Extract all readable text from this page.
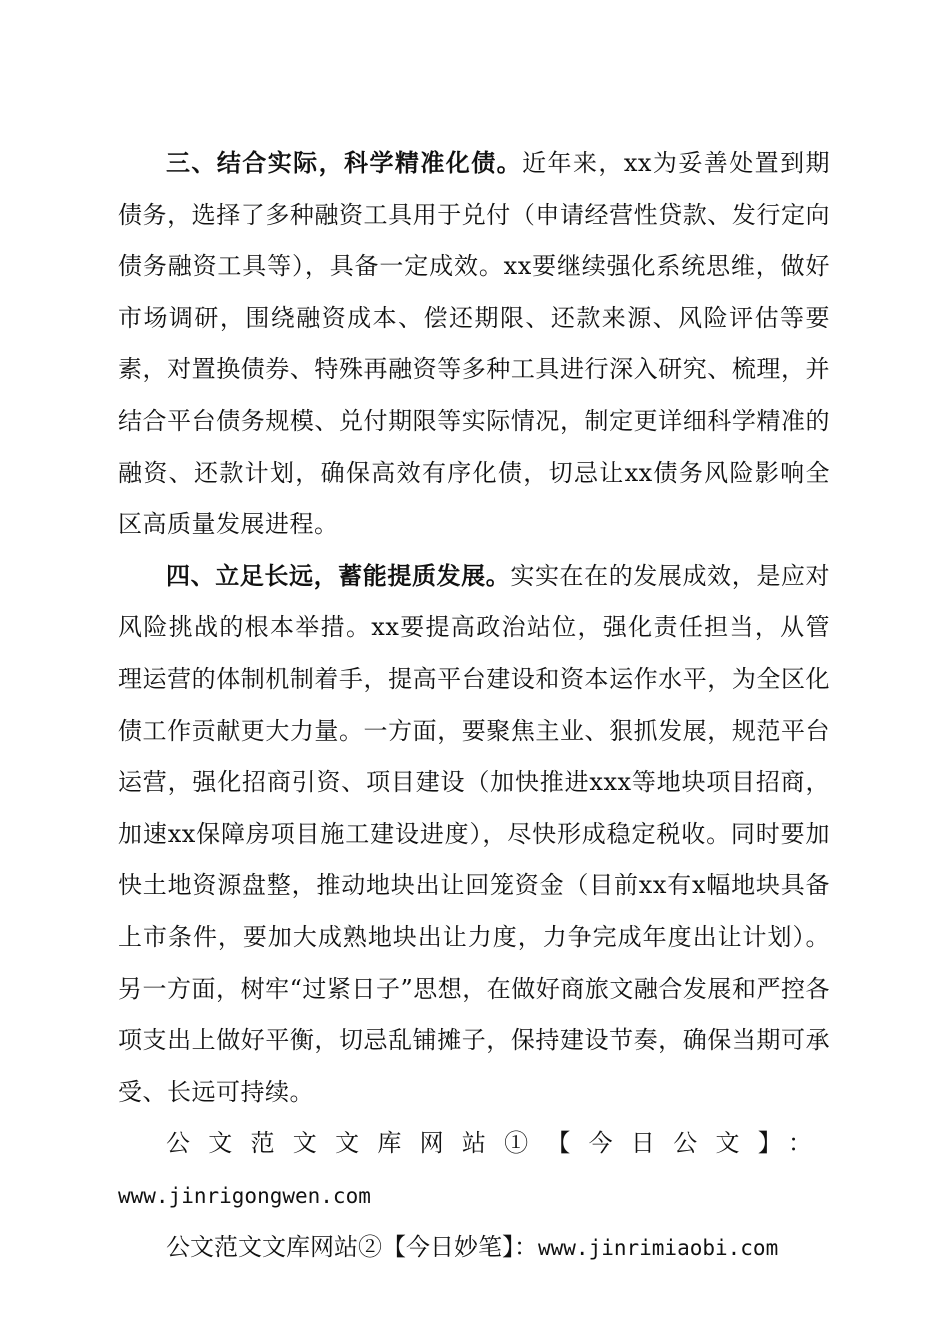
三、结合实际，科学精准化债。近年来，xx为妥善处置到期债务，选择了多种融资工具用于兑付（申请经营性贷款、发行定向债务融资工具等），具备一定成效。xx要继续强化系统思维，做好市场调研，围绕融资成本、偿还期限、还款来源、风险评估等要素，对置换债券、特殊再融资等多种工具进行深入研究、梳理，并结合平台债务规模、兑付期限等实际情况，制定更详细科学精准的融资、还款计划，确保高效有序化债，切忌让xx债务风险影响全区高质量发展进程。

四、立足长远，蓄能提质发展。实实在在的发展成效，是应对风险挑战的根本举措。xx要提高政治站位，强化责任担当，从管理运营的体制机制着手，提高平台建设和资本运作水平，为全区化债工作贡献更大力量。一方面，要聚焦主业、狠抓发展，规范平台运营，强化招商引资、项目建设（加快推进xxx等地块项目招商，加速xx保障房项目施工建设进度），尽快形成稳定税收。同时要加快土地资源盘整，推动地块出让回笼资金（目前xx有x幅地块具备上市条件，要加大成熟地块出让力度，力争完成年度出让计划）。另一方面，树牢“过紧日子”思想，在做好商旅文融合发展和严控各项支出上做好平衡，切忌乱铺摊子，保持建设节奏，确保当期可承受、长远可持续。

公文范文文库网站①【今日公文】：www.jinrigongwen.com

公文范文文库网站②【今日妙笔】：www.jinrimiaobi.com
